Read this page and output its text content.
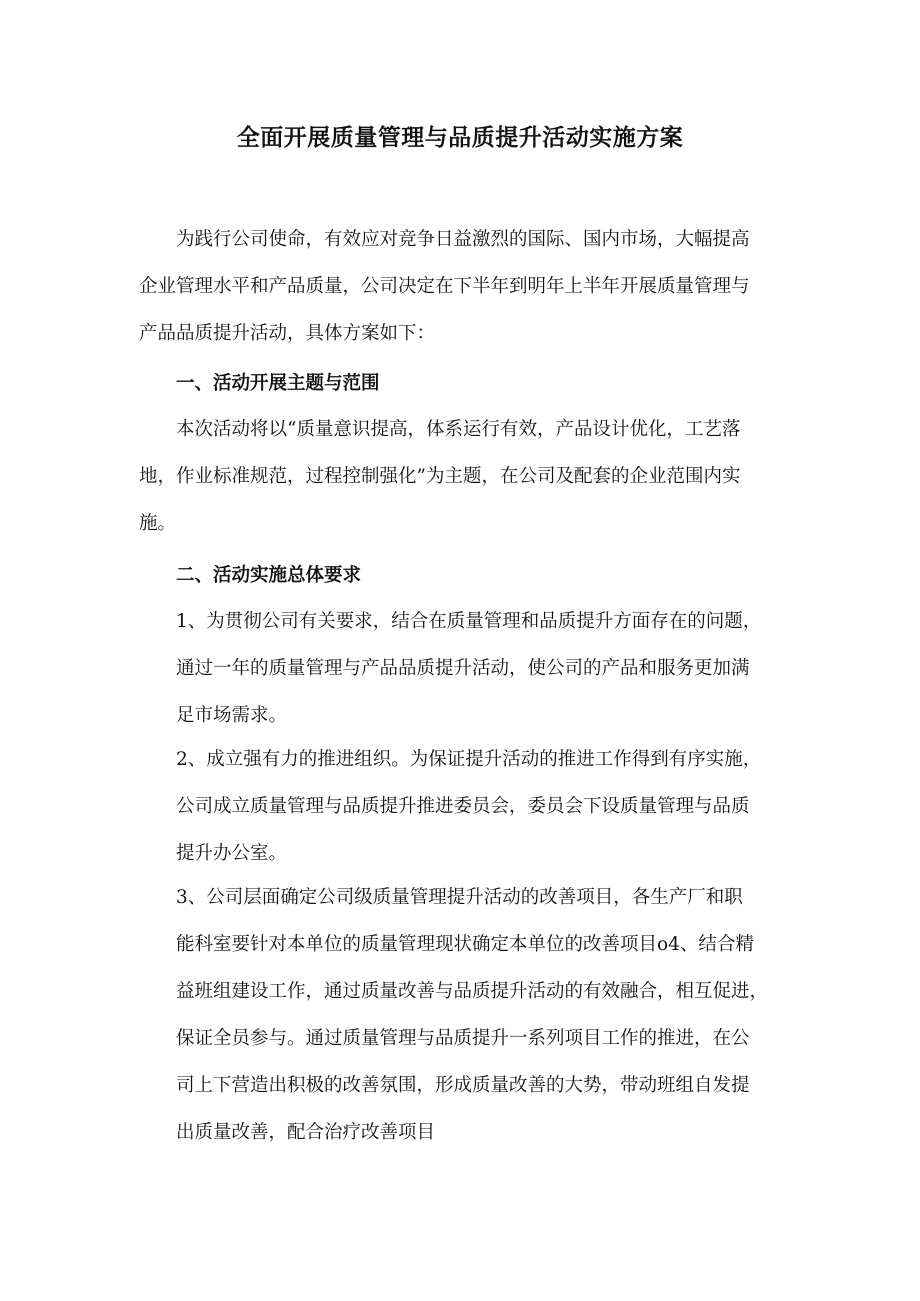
全面开展质量管理与品质提升活动实施方案
为践行公司使命，有效应对竞争日益激烈的国际、国内市场，大幅提高
企业管理水平和产品质量，公司决定在下半年到明年上半年开展质量管理与
产品品质提升活动，具体方案如下：
一、活动开展主题与范围
本次活动将以“质量意识提高，体系运行有效，产品设计优化，工艺落
地，作业标准规范，过程控制强化”为主题，在公司及配套的企业范围内实
施。
二、活动实施总体要求
1、为贯彻公司有关要求，结合在质量管理和品质提升方面存在的问题，
通过一年的质量管理与产品品质提升活动，使公司的产品和服务更加满
足市场需求。
2、成立强有力的推进组织。为保证提升活动的推进工作得到有序实施，
公司成立质量管理与品质提升推进委员会，委员会下设质量管理与品质
提升办公室。
3、公司层面确定公司级质量管理提升活动的改善项目，各生产厂和职
能科室要针对本单位的质量管理现状确定本单位的改善项目o4、结合精
益班组建设工作，通过质量改善与品质提升活动的有效融合，相互促进，
保证全员参与。通过质量管理与品质提升一系列项目工作的推进，在公
司上下营造出积极的改善氛围，形成质量改善的大势，带动班组自发提
出质量改善，配合治疗改善项目
